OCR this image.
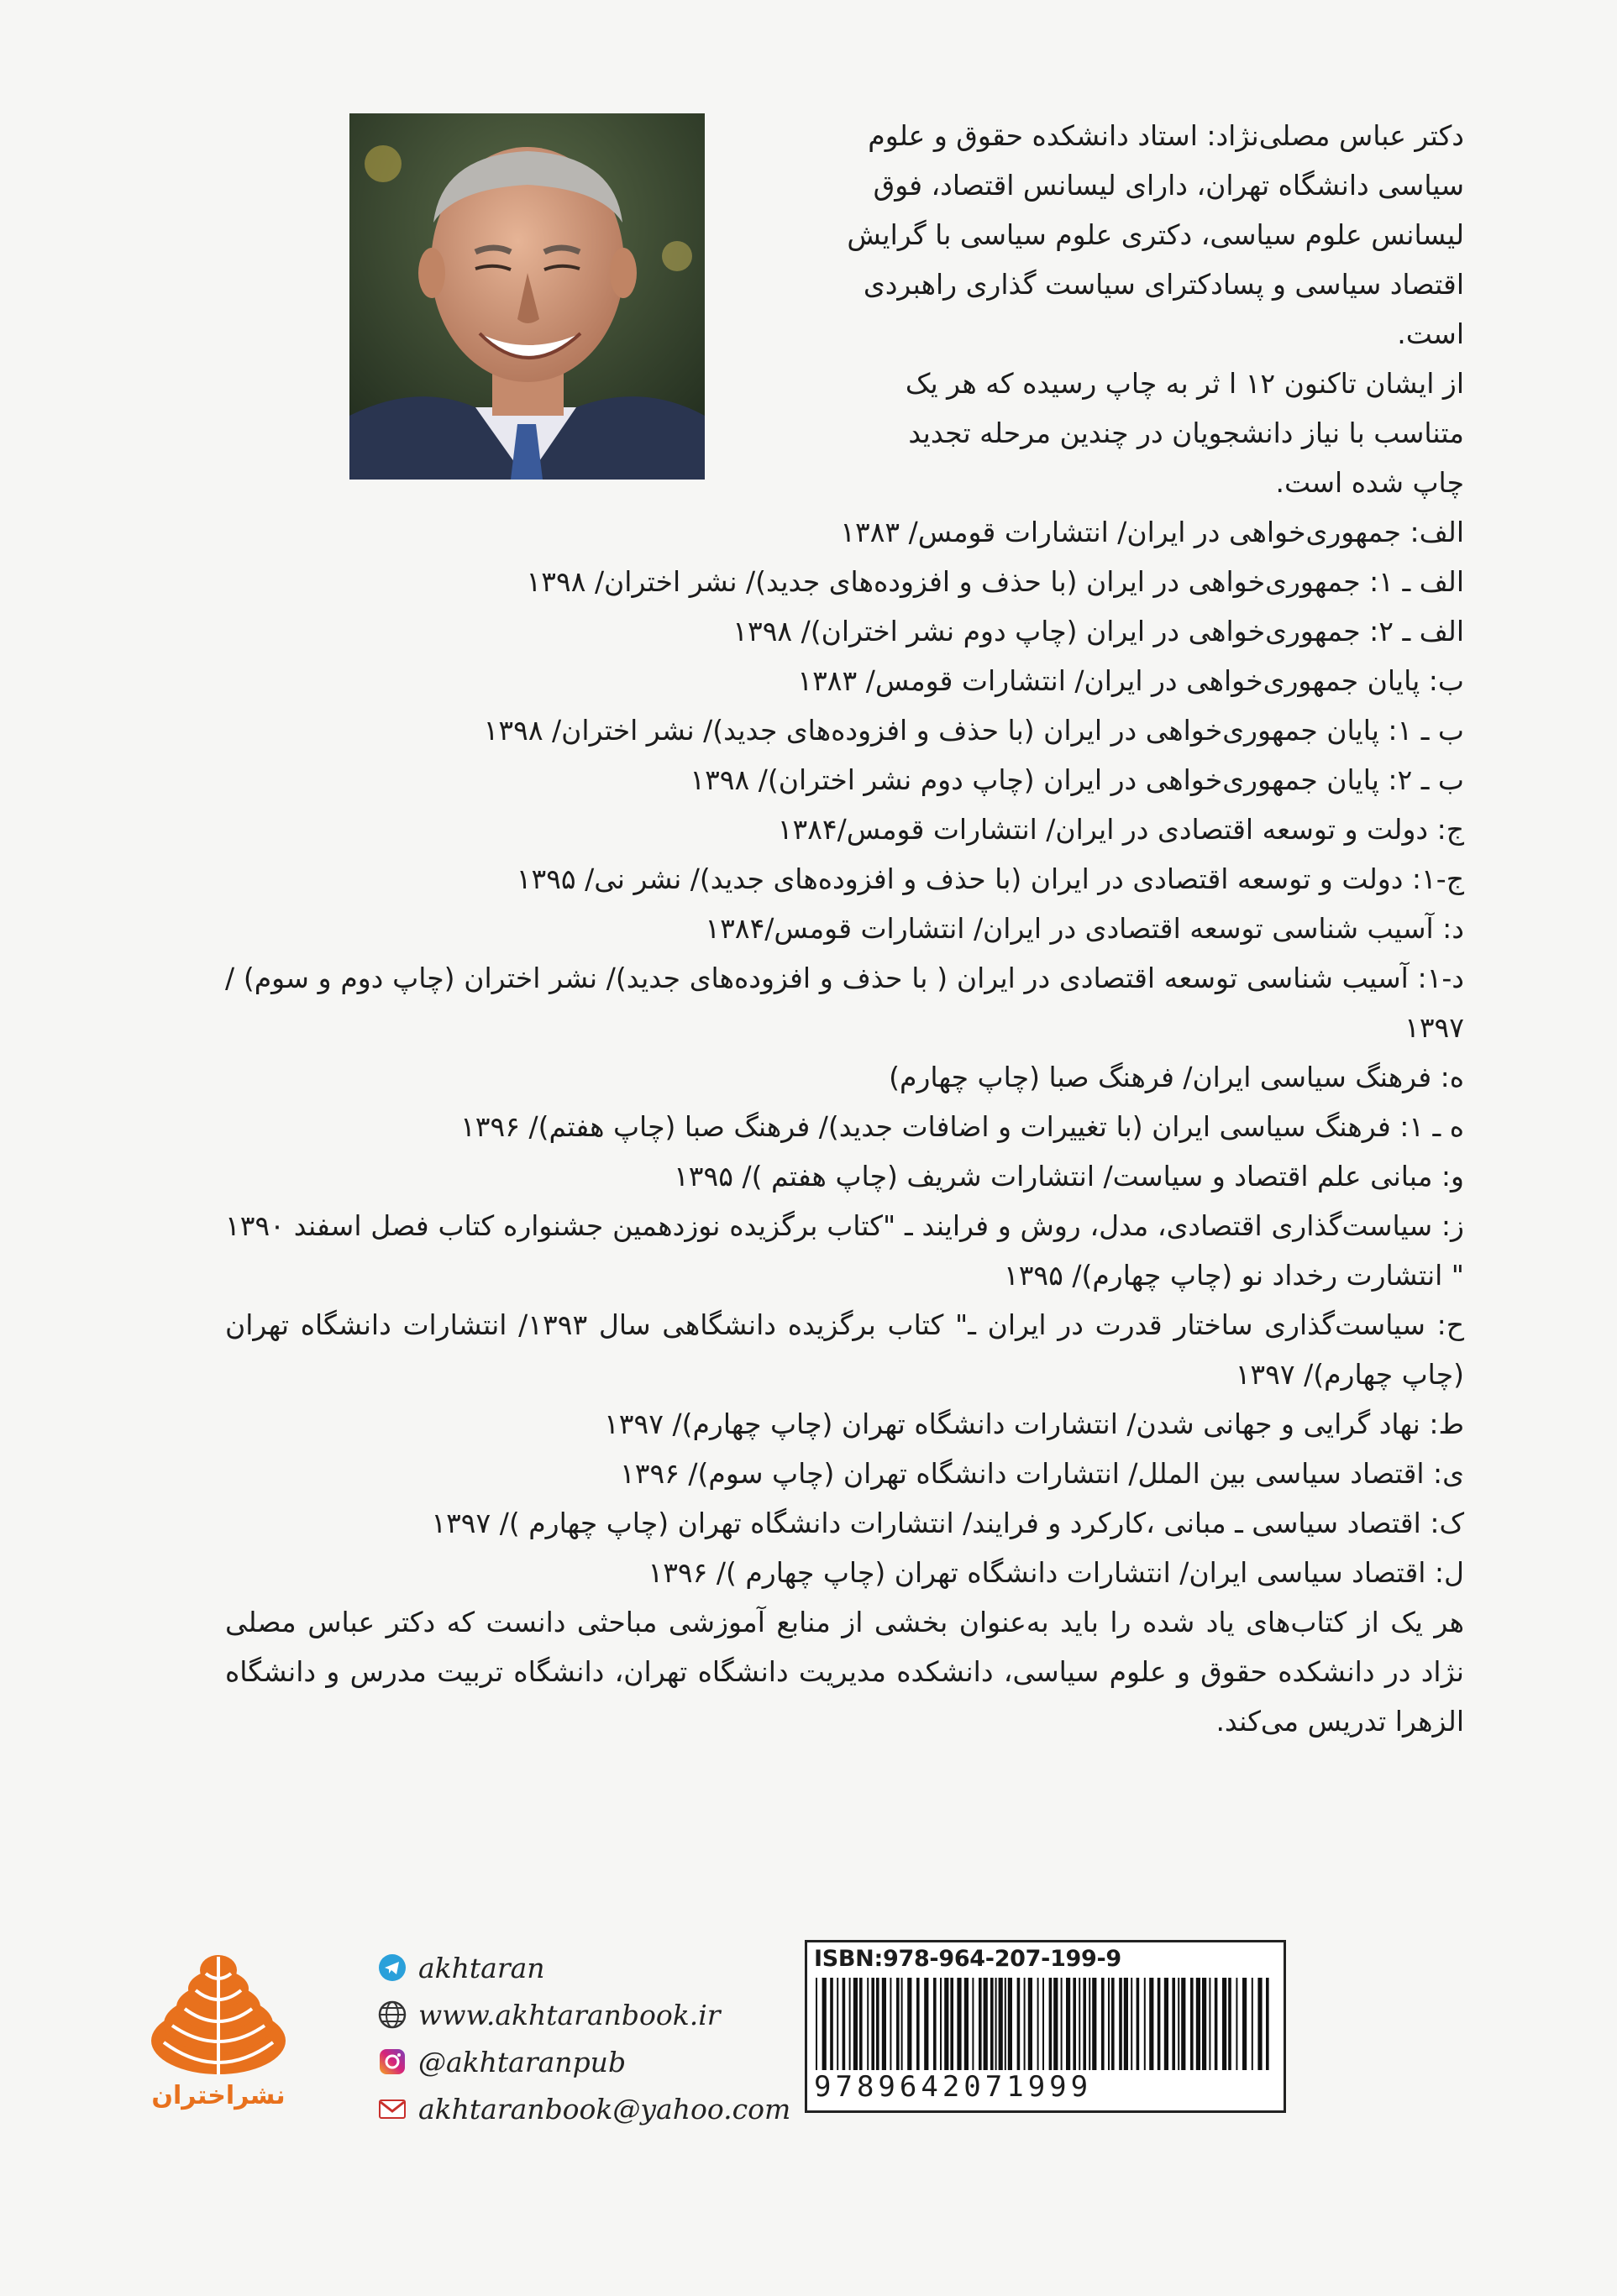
دکتر عباس مصلی‌نژاد: استاد دانشکده حقوق و علوم

سیاسی دانشگاه تهران، دارای لیسانس اقتصاد، فوق

لیسانس علوم سیاسی، دکتری علوم سیاسی با گرایش

اقتصاد سیاسی و پسادکترای سیاست گذاری راهبردی

است.

از ایشان تاکنون ۱۲ ا ثر به چاپ رسیده که هر یک

متناسب با نیاز دانشجویان در چندین مرحله تجدید

چاپ شده است.

الف: جمهوری‌خواهی در ایران/ انتشارات قومس/ ۱۳۸۳

الف ـ ۱: جمهوری‌خواهی در ایران (با حذف و افزوده‌های جدید)/ نشر اختران/ ۱۳۹۸

الف ـ ۲: جمهوری‌خواهی در ایران (چاپ دوم نشر اختران)/ ۱۳۹۸

ب: پایان جمهوری‌خواهی در ایران/ انتشارات قومس/ ۱۳۸۳

ب ـ ۱: پایان جمهوری‌خواهی در ایران (با حذف و افزوده‌های جدید)/ نشر اختران/ ۱۳۹۸

ب ـ ۲: پایان جمهوری‌خواهی در ایران (چاپ دوم نشر اختران)/ ۱۳۹۸

ج: دولت و توسعه اقتصادی در ایران/ انتشارات قومس/۱۳۸۴

ج-۱: دولت و توسعه اقتصادی در ایران (با حذف و افزوده‌های جدید)/ نشر نی/ ۱۳۹۵

د: آسیب شناسی توسعه اقتصادی در ایران/ انتشارات قومس/۱۳۸۴

د-۱: آسیب شناسی توسعه اقتصادی در ایران ( با حذف و افزوده‌های جدید)/ نشر اختران (چاپ دوم و سوم) / ۱۳۹۷

ه: فرهنگ سیاسی ایران/ فرهنگ صبا (چاپ چهارم)

ه ـ ۱: فرهنگ سیاسی ایران (با تغییرات و اضافات جدید)/ فرهنگ صبا (چاپ هفتم)/ ۱۳۹۶

و: مبانی علم اقتصاد و سیاست/ انتشارات شریف (چاپ هفتم )/ ۱۳۹۵

ز: سیاست‌گذاری اقتصادی، مدل، روش و فرایند ـ "کتاب برگزیده نوزدهمین جشنواره کتاب فصل اسفند ۱۳۹۰ " انتشارت رخداد نو (چاپ چهارم)/ ۱۳۹۵

ح: سیاست‌گذاری ساختار قدرت در ایران ـ" کتاب برگزیده دانشگاهی سال ۱۳۹۳/ انتشارات دانشگاه تهران (چاپ چهارم)/ ۱۳۹۷

ط: نهاد گرایی و جهانی شدن/ انتشارات دانشگاه تهران (چاپ چهارم)/ ۱۳۹۷

ی: اقتصاد سیاسی بین الملل/ انتشارات دانشگاه تهران (چاپ سوم)/ ۱۳۹۶

ک: اقتصاد سیاسی ـ مبانی ،کارکرد و فرایند/ انتشارات دانشگاه تهران (چاپ چهارم )/ ۱۳۹۷

ل: اقتصاد سیاسی ایران/ انتشارات دانشگاه تهران (چاپ چهارم )/ ۱۳۹۶

هر یک از کتاب‌های یاد شده را باید به‌عنوان بخشی از منابع آموزشی مباحثی دانست که دکتر عباس مصلی نژاد در دانشکده حقوق و علوم سیاسی، دانشکده مدیریت دانشگاه تهران، دانشگاه تربیت مدرس و دانشگاه الزهرا تدریس می‌کند.

نشراختران
akhtaran
www.akhtaranbook.ir
@akhtaranpub
akhtaranbook@yahoo.com
ISBN:978-964-207-199-9
9789642071999
